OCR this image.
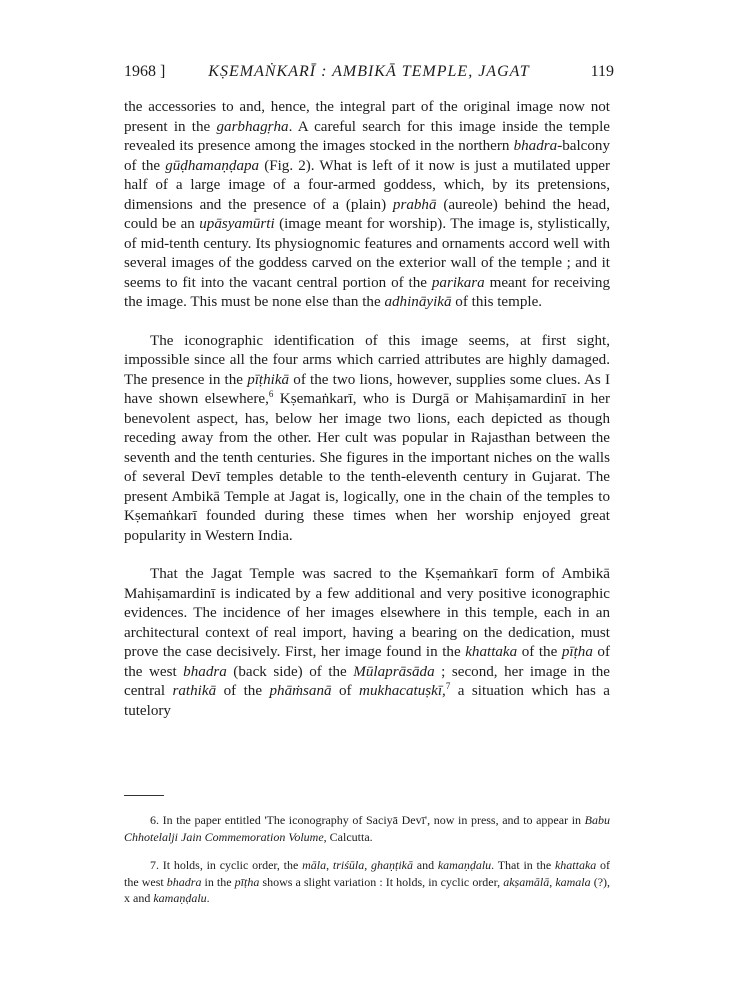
1968 ]	KṢEMAṄKARĪ : AMBIKĀ TEMPLE, JAGAT	119

the accessories to and, hence, the integral part of the original image now not present in the garbhagṛha. A careful search for this image inside the temple revealed its presence among the images stocked in the northern bhadra-balcony of the gūḍhamaṇḍapa (Fig. 2). What is left of it now is just a mutilated upper half of a large image of a four-armed goddess, which, by its pretensions, dimensions and the presence of a (plain) prabhā (aureole) behind the head, could be an upāsyamūrti (image meant for worship). The image is, stylistically, of mid-tenth century. Its physiognomic features and ornaments accord well with several images of the goddess carved on the exterior wall of the temple ; and it seems to fit into the vacant central portion of the parikara meant for receiving the image. This must be none else than the adhināyikā of this temple.

The iconographic identification of this image seems, at first sight, impossible since all the four arms which carried attributes are highly damaged. The presence in the pīṭhikā of the two lions, however, supplies some clues. As I have shown elsewhere,$^6$ Kṣemaṅkarī, who is Durgā or Mahiṣamardinī in her benevolent aspect, has, below her image two lions, each depicted as though receding away from the other. Her cult was popular in Rajasthan between the seventh and the tenth centuries. She figures in the important niches on the walls of several Devī temples detable to the tenth-eleventh century in Gujarat. The present Ambikā Temple at Jagat is, logically, one in the chain of the temples to Kṣemaṅkarī founded during these times when her worship enjoyed great popularity in Western India.

That the Jagat Temple was sacred to the Kṣemaṅkarī form of Ambikā Mahiṣamardinī is indicated by a few additional and very positive iconographic evidences. The incidence of her images elsewhere in this temple, each in an architectural context of real import, having a bearing on the dedication, must prove the case decisively. First, her image found in the khattaka of the pīṭha of the west bhadra (back side) of the Mūlaprāsāda ; second, her image in the central rathikā of the phāṁsanā of mukhacatuṣkī,$^7$ a situation which has a tutelory

6. In the paper entitled 'The iconography of Saciyā Devī', now in press, and to appear in Babu Chhotelalji Jain Commemoration Volume, Calcutta.

7. It holds, in cyclic order, the māla, triśūla, ghaṇṭikā and kamaṇḍalu. That in the khattaka of the west bhadra in the pīṭha shows a slight variation : It holds, in cyclic order, akṣamālā, kamala (?), x and kamaṇḍalu.
